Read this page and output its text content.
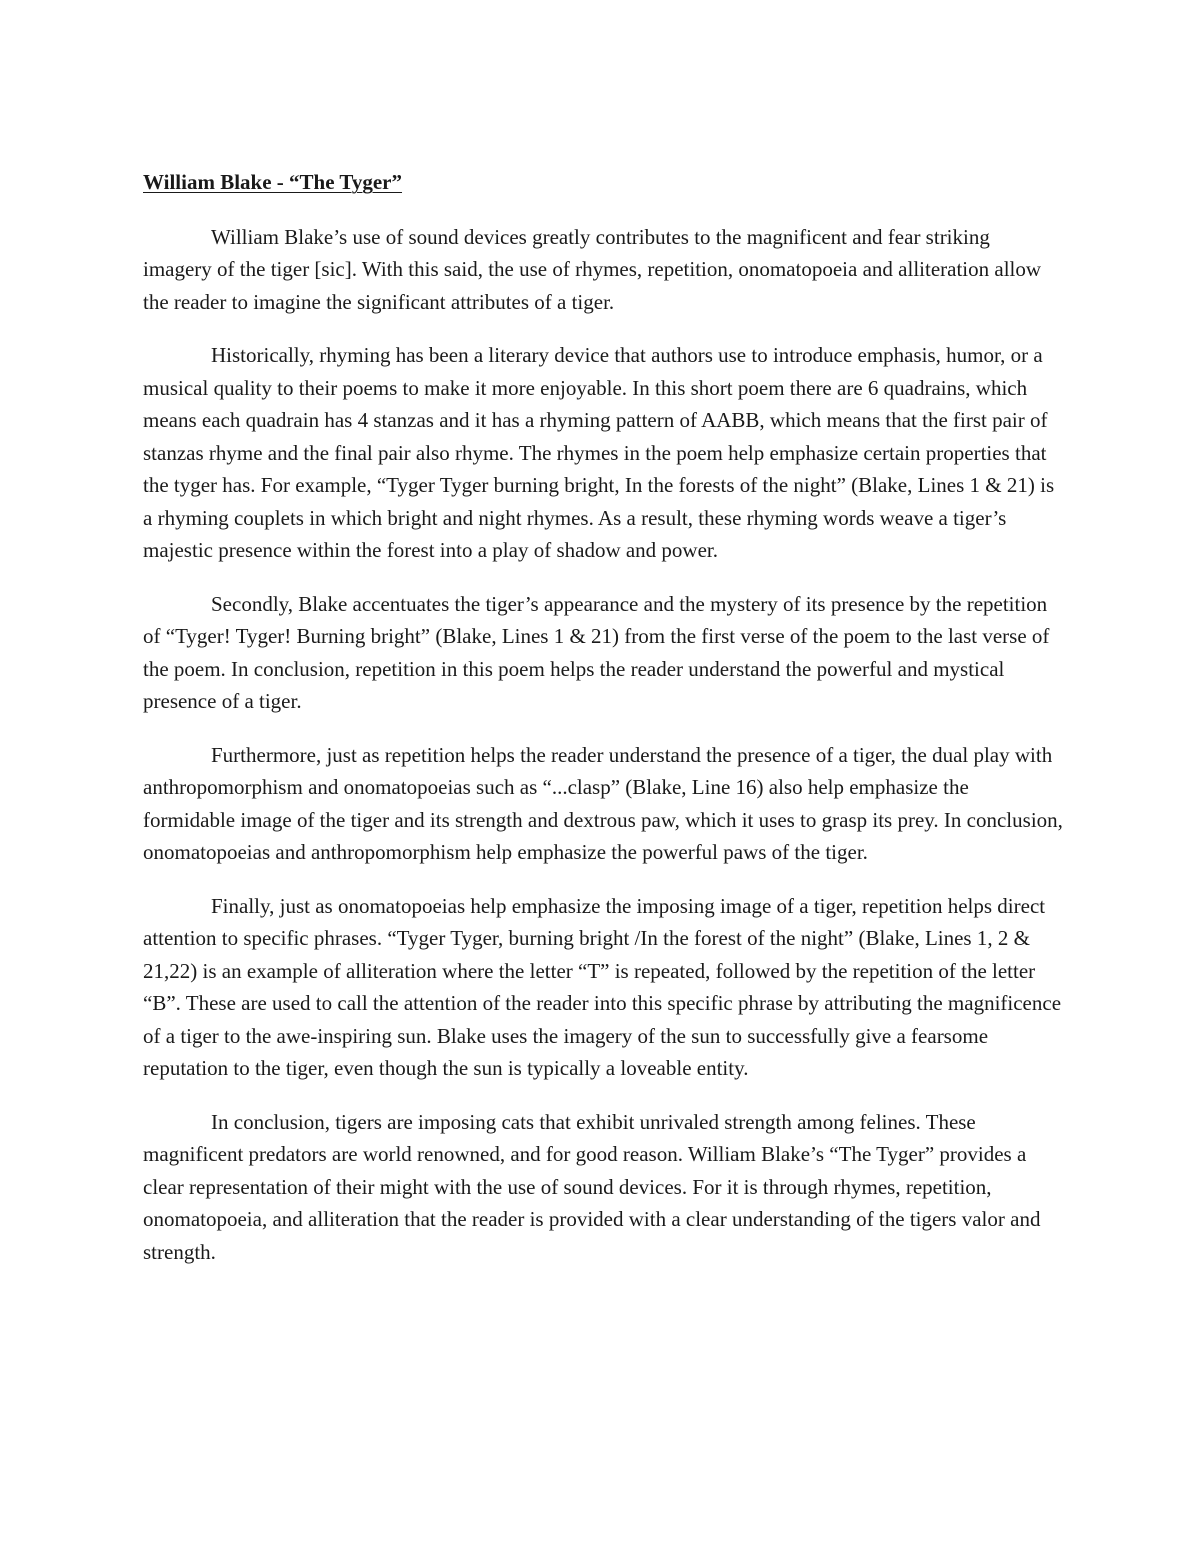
William Blake - “The Tyger”

William Blake’s use of sound devices greatly contributes to the magnificent and fear striking imagery of the tiger [sic]. With this said, the use of rhymes, repetition, onomatopoeia and alliteration allow the reader to imagine the significant attributes of a tiger.

Historically, rhyming has been a literary device that authors use to introduce emphasis, humor, or a musical quality to their poems to make it more enjoyable. In this short poem there are 6 quadrains, which means each quadrain has 4 stanzas and it has a rhyming pattern of AABB, which means that the first pair of stanzas rhyme and the final pair also rhyme. The rhymes in the poem help emphasize certain properties that the tyger has. For example, “Tyger Tyger burning bright, In the forests of the night” (Blake, Lines 1 & 21) is a rhyming couplets in which bright and night rhymes. As a result, these rhyming words weave a tiger’s majestic presence within the forest into a play of shadow and power.

Secondly, Blake accentuates the tiger’s appearance and the mystery of its presence by the repetition of “Tyger! Tyger! Burning bright” (Blake, Lines 1 & 21) from the first verse of the poem to the last verse of the poem. In conclusion, repetition in this poem helps the reader understand the powerful and mystical presence of a tiger.

Furthermore, just as repetition helps the reader understand the presence of a tiger, the dual play with anthropomorphism and onomatopoeias such as “...clasp” (Blake, Line 16) also help emphasize the formidable image of the tiger and its strength and dextrous paw, which it uses to grasp its prey. In conclusion, onomatopoeias and anthropomorphism help emphasize the powerful paws of the tiger.

Finally, just as onomatopoeias help emphasize the imposing image of a tiger, repetition helps direct attention to specific phrases. “Tyger Tyger, burning bright /In the forest of the night” (Blake, Lines 1, 2 & 21,22) is an example of alliteration where the letter “T” is repeated, followed by the repetition of the letter “B”. These are used to call the attention of the reader into this specific phrase by attributing the magnificence of a tiger to the awe-inspiring sun. Blake uses the imagery of the sun to successfully give a fearsome reputation to the tiger, even though the sun is typically a loveable entity.

In conclusion, tigers are imposing cats that exhibit unrivaled strength among felines. These magnificent predators are world renowned, and for good reason. William Blake’s “The Tyger” provides a clear representation of their might with the use of sound devices. For it is through rhymes, repetition, onomatopoeia, and alliteration that the reader is provided with a clear understanding of the tigers valor and strength.
